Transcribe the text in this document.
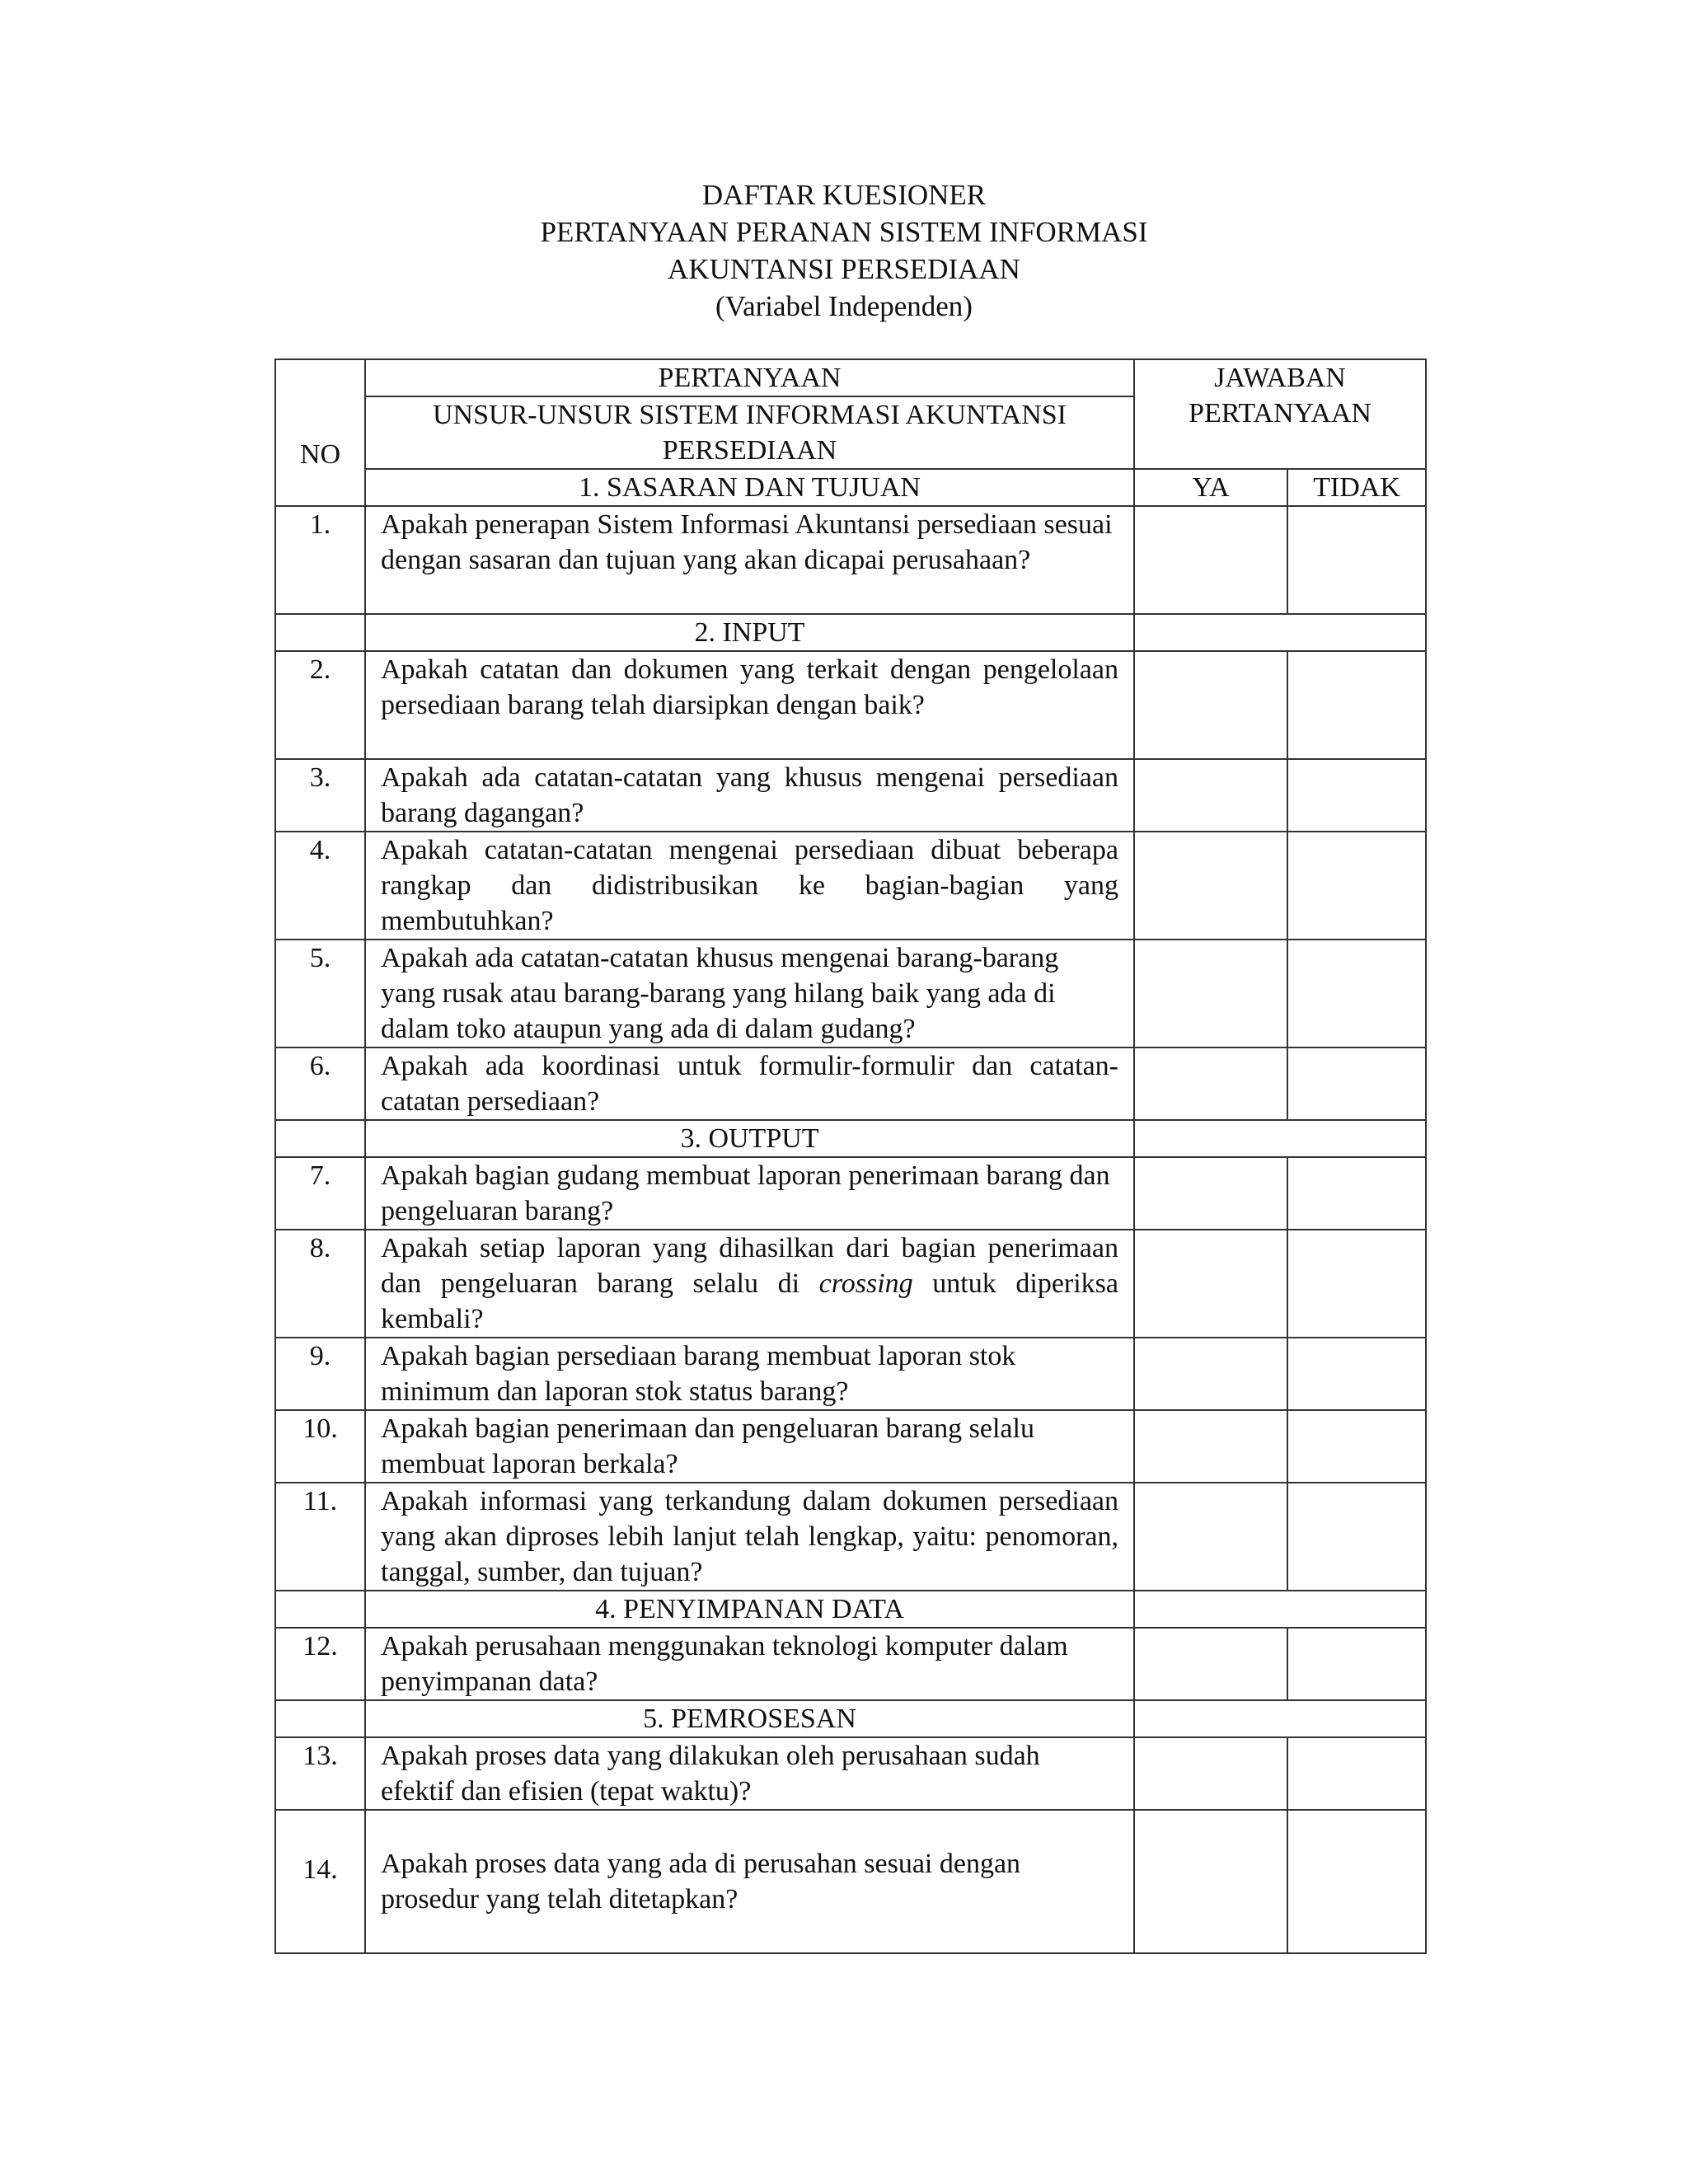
DAFTAR KUESIONER
PERTANYAAN PERANAN SISTEM INFORMASI
AKUNTANSI PERSEDIAAN
(Variabel Independen)
NO	PERTANYAAN	JAWABAN PERTANYAAN	
	UNSUR-UNSUR SISTEM INFORMASI AKUNTANSI PERSEDIAAN		
	1. SASARAN DAN TUJUAN	YA	TIDAK
1.	Apakah penerapan Sistem Informasi Akuntansi persediaan sesuai dengan sasaran dan tujuan yang akan dicapai perusahaan?		
	2. INPUT		
2.	Apakah catatan dan dokumen yang terkait dengan pengelolaan persediaan barang telah diarsipkan dengan baik?		
3.	Apakah ada catatan-catatan yang khusus mengenai persediaan barang dagangan?		
4.	Apakah catatan-catatan mengenai persediaan dibuat beberapa rangkap dan didistribusikan ke bagian-bagian yang membutuhkan?		
5.	Apakah ada catatan-catatan khusus mengenai barang-barang yang rusak atau barang-barang yang hilang baik yang ada di dalam toko ataupun yang ada di dalam gudang?		
6.	Apakah ada koordinasi untuk formulir-formulir dan catatan-catatan persediaan?		
	3. OUTPUT		
7.	Apakah bagian gudang membuat laporan penerimaan barang dan pengeluaran barang?		
8.	Apakah setiap laporan yang dihasilkan dari bagian penerimaan dan pengeluaran barang selalu di crossing untuk diperiksa kembali?		
9.	Apakah bagian persediaan barang membuat laporan stok minimum dan laporan stok status barang?		
10.	Apakah bagian penerimaan dan pengeluaran barang selalu membuat laporan berkala?		
11.	Apakah informasi yang terkandung dalam dokumen persediaan yang akan diproses lebih lanjut telah lengkap, yaitu: penomoran, tanggal, sumber, dan tujuan?		
	4. PENYIMPANAN DATA		
12.	Apakah perusahaan menggunakan teknologi komputer dalam penyimpanan data?		
	5. PEMROSESAN		
13.	Apakah proses data yang dilakukan oleh perusahaan sudah efektif dan efisien (tepat waktu)?		
14.	Apakah proses data yang ada di perusahan sesuai dengan prosedur yang telah ditetapkan?		
